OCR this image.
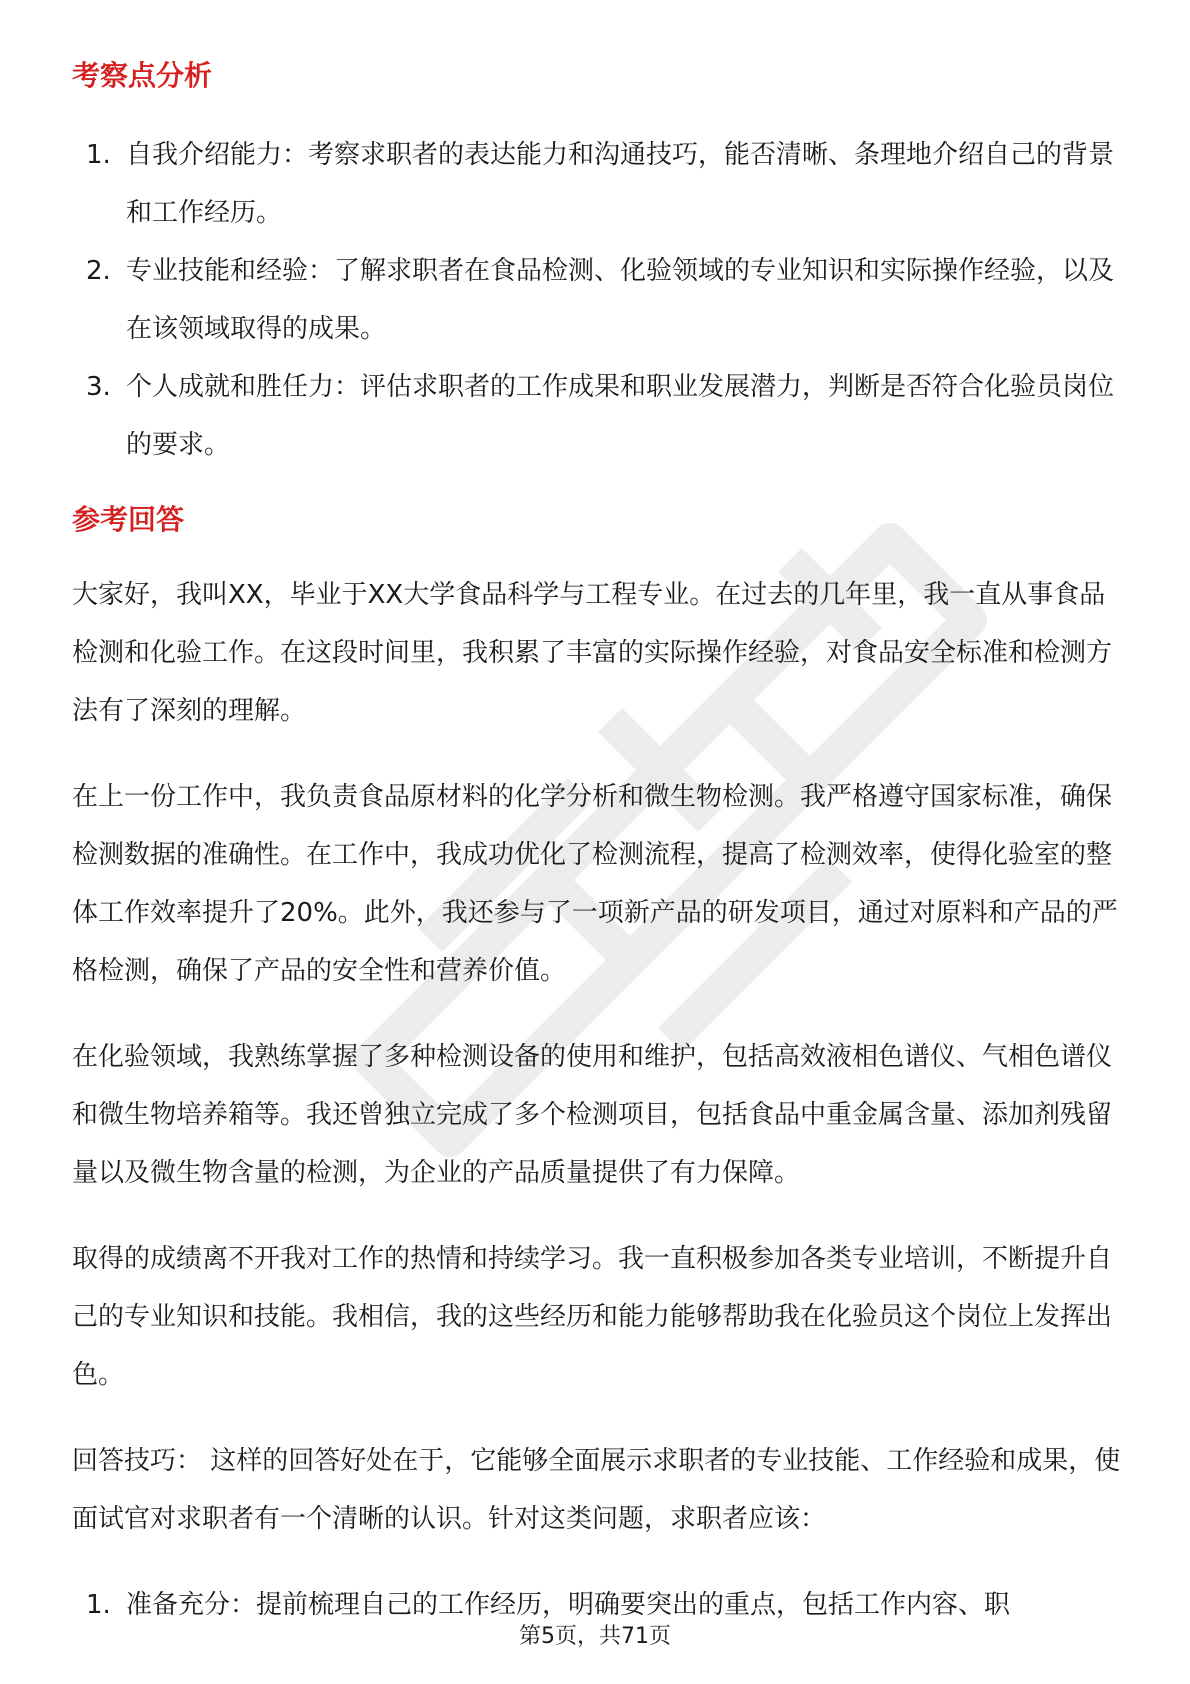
考察点分析
1. 自我介绍能力：考察求职者的表达能力和沟通技巧，能否清晰、条理地介绍自己的背景和工作经历。
2. 专业技能和经验：了解求职者在食品检测、化验领域的专业知识和实际操作经验，以及在该领域取得的成果。
3. 个人成就和胜任力：评估求职者的工作成果和职业发展潜力，判断是否符合化验员岗位的要求。
参考回答

大家好，我叫XX，毕业于XX大学食品科学与工程专业。在过去的几年里，我一直从事食品检测和化验工作。在这段时间里，我积累了丰富的实际操作经验，对食品安全标准和检测方法有了深刻的理解。

在上一份工作中，我负责食品原材料的化学分析和微生物检测。我严格遵守国家标准，确保检测数据的准确性。在工作中，我成功优化了检测流程，提高了检测效率，使得化验室的整体工作效率提升了20%。此外，我还参与了一项新产品的研发项目，通过对原料和产品的严格检测，确保了产品的安全性和营养价值。

在化验领域，我熟练掌握了多种检测设备的使用和维护，包括高效液相色谱仪、气相色谱仪和微生物培养箱等。我还曾独立完成了多个检测项目，包括食品中重金属含量、添加剂残留量以及微生物含量的检测，为企业的产品质量提供了有力保障。

取得的成绩离不开我对工作的热情和持续学习。我一直积极参加各类专业培训，不断提升自己的专业知识和技能。我相信，我的这些经历和能力能够帮助我在化验员这个岗位上发挥出色。

回答技巧： 这样的回答好处在于，它能够全面展示求职者的专业技能、工作经验和成果，使面试官对求职者有一个清晰的认识。针对这类问题，求职者应该：

1. 准备充分：提前梳理自己的工作经历，明确要突出的重点，包括工作内容、职
第5页，共71页
